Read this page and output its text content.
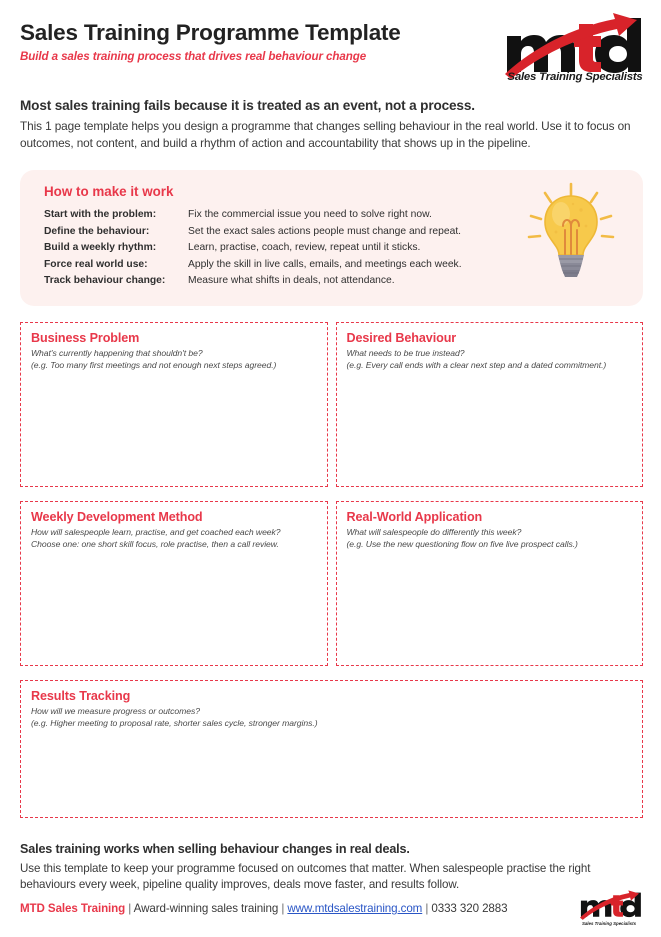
Sales Training Programme Template
Build a sales training process that drives real behaviour change
Sales Training Specialists
Most sales training fails because it is treated as an event, not a process.
This 1 page template helps you design a programme that changes selling behaviour in the real world. Use it to focus on outcomes, not content, and build a rhythm of action and accountability that shows up in the pipeline.
How to make it work
Start with the problem:	Fix the commercial issue you need to solve right now.
Define the behaviour:	Set the exact sales actions people must change and repeat.
Build a weekly rhythm:	Learn, practise, coach, review, repeat until it sticks.
Force real world use:	Apply the skill in live calls, emails, and meetings each week.
Track behaviour change:	Measure what shifts in deals, not attendance.
Business Problem
What's currently happening that shouldn't be?
(e.g. Too many first meetings and not enough next steps agreed.)
Desired Behaviour
What needs to be true instead?
(e.g. Every call ends with a clear next step and a dated commitment.)
Weekly Development Method
How will salespeople learn, practise, and get coached each week?
Choose one: one short skill focus, role practise, then a call review.
Real-World Application
What will salespeople do differently this week?
(e.g. Use the new questioning flow on five live prospect calls.)
Results Tracking
How will we measure progress or outcomes?
(e.g. Higher meeting to proposal rate, shorter sales cycle, stronger margins.)
Sales training works when selling behaviour changes in real deals.
Use this template to keep your programme focused on outcomes that matter. When salespeople practise the right behaviours every week, pipeline quality improves, deals move faster, and results follow.
MTD Sales Training | Award-winning sales training | www.mtdsalestraining.com | 0333 320 2883
Sales Training Specialists
